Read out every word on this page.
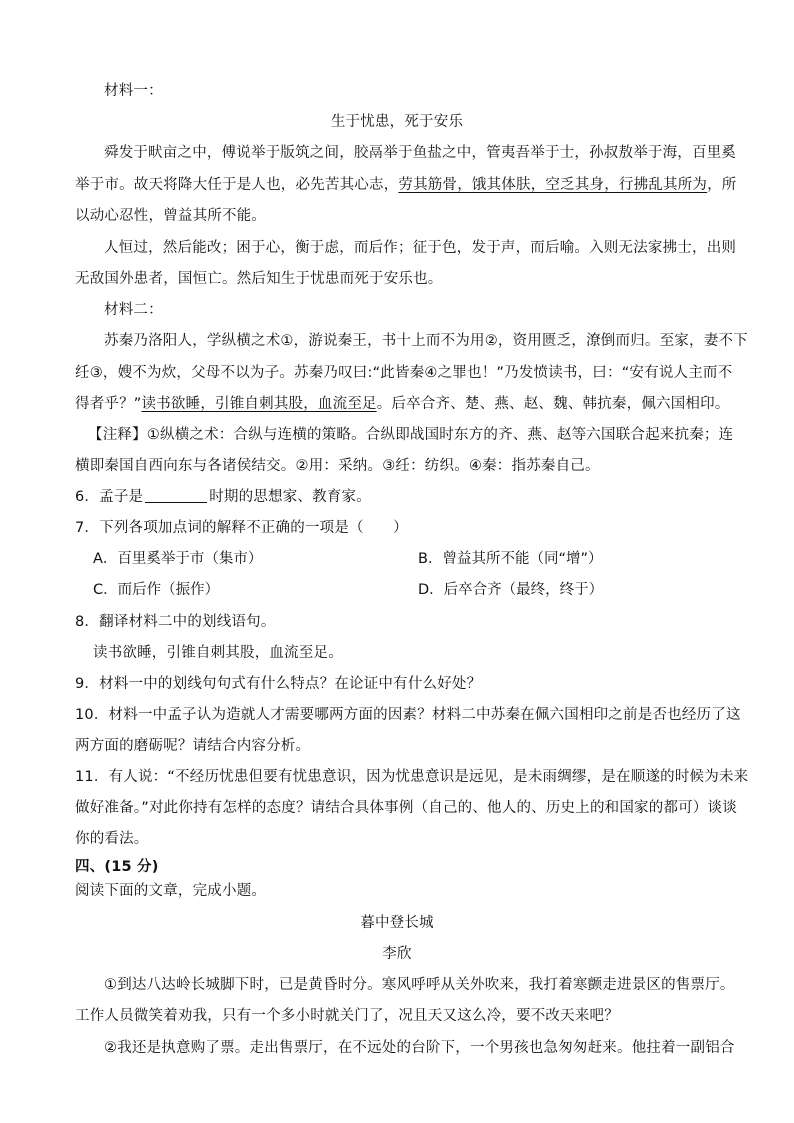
材料一：
生于忧患，死于安乐
舜发于畎亩之中，傅说举于版筑之间，胶鬲举于鱼盐之中，管夷吾举于士，孙叔敖举于海，百里奚
举于市。故天将降大任于是人也，必先苦其心志，劳其筋骨，饿其体肤，空乏其身，行拂乱其所为，所
以动心忍性，曾益其所不能。
人恒过，然后能改；困于心，衡于虑，而后作；征于色，发于声，而后喻。入则无法家拂士，出则
无敌国外患者，国恒亡。然后知生于忧患而死于安乐也。
材料二：
苏秦乃洛阳人，学纵横之术①，游说秦王，书十上而不为用②，资用匮乏，潦倒而归。至家，妻不下
纴③，嫂不为炊，父母不以为子。苏秦乃叹曰:“此皆秦④之罪也！”乃发愤读书，曰：“安有说人主而不
得者乎？”读书欲睡，引锥自刺其股，血流至足。后卒合齐、楚、燕、赵、魏、韩抗秦，佩六国相印。
【注释】①纵横之术：合纵与连横的策略。合纵即战国时东方的齐、燕、赵等六国联合起来抗秦；连
横即秦国自西向东与各诸侯结交。②用：采纳。③纴：纺织。④秦：指苏秦自己。
6．孟子是	时期的思想家、教育家。
7．下列各项加点词的解释不正确的一项是（　　）
A．百里奚举于市（集市）	B．曾益其所不能（同“增”）
C．而后作（振作）	D．后卒合齐（最终，终于）
8．翻译材料二中的划线语句。
读书欲睡，引锥自刺其股，血流至足。
9．材料一中的划线句句式有什么特点？在论证中有什么好处？
10．材料一中孟子认为造就人才需要哪两方面的因素？材料二中苏秦在佩六国相印之前是否也经历了这
两方面的磨砺呢？请结合内容分析。
11．有人说：“不经历忧患但要有忧患意识，因为忧患意识是远见，是未雨绸缪，是在顺遂的时候为未来
做好准备。”对此你持有怎样的态度？请结合具体事例（自己的、他人的、历史上的和国家的都可）谈谈
你的看法。
四、(15 分)
阅读下面的文章，完成小题。
暮中登长城
李欣
①到达八达岭长城脚下时，已是黄昏时分。寒风呼呼从关外吹来，我打着寒颤走进景区的售票厅。
工作人员微笑着劝我，只有一个多小时就关门了，况且天又这么冷，要不改天来吧？
②我还是执意购了票。走出售票厅，在不远处的台阶下，一个男孩也急匆匆赶来。他拄着一副铝合
